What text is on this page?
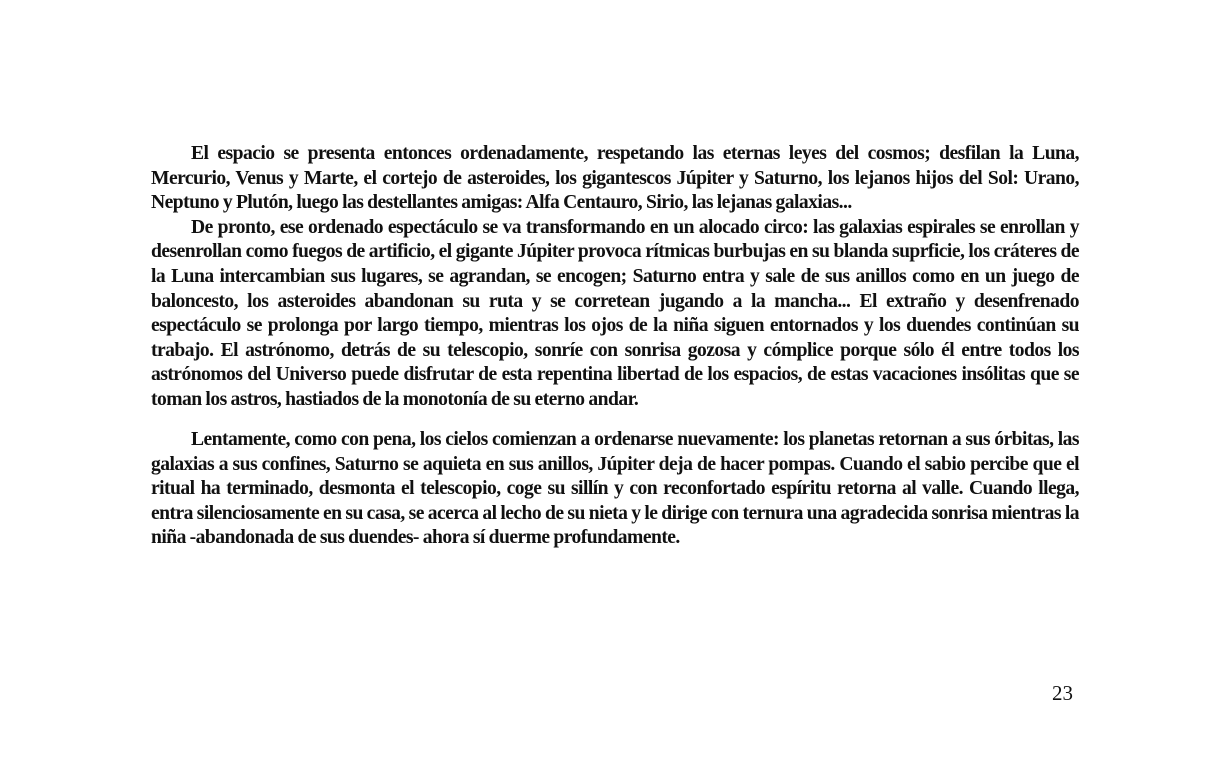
El espacio se presenta entonces ordenadamente, respetando las eternas leyes del cosmos; desfilan la Luna, Mercurio, Venus y Marte, el cortejo de asteroides, los gigantescos Júpiter y Saturno, los lejanos hijos del Sol: Urano, Neptuno y Plutón, luego las destellantes amigas: Alfa Centauro, Sirio, las lejanas galaxias...

De pronto, ese ordenado espectáculo se va transformando en un alocado circo: las galaxias espirales se enrollan y desenrollan como fuegos de artificio, el gigante Júpiter provoca rítmicas burbujas en su blanda suprficie, los cráteres de la Luna intercambian sus lugares, se agrandan, se encogen; Saturno entra y sale de sus anillos como en un juego de baloncesto, los asteroides abandonan su ruta y se corretean jugando a la mancha... El extraño y desenfrenado espectáculo se prolonga por largo tiempo, mientras los ojos de la niña siguen entornados y los duendes continúan su trabajo. El astrónomo, detrás de su telescopio, sonríe con sonrisa gozosa y cómplice porque sólo él entre todos los astrónomos del Universo puede disfrutar de esta repentina libertad de los espacios, de estas vacaciones insólitas que se toman los astros, hastiados de la monotonía de su eterno andar.

Lentamente, como con pena, los cielos comienzan a ordenarse nuevamente: los planetas retornan a sus órbitas, las galaxias a sus confines, Saturno se aquieta en sus anillos, Júpiter deja de hacer pompas. Cuando el sabio percibe que el ritual ha terminado, desmonta el telescopio, coge su sillín y con reconfortado espíritu retorna al valle. Cuando llega, entra silenciosamente en su casa, se acerca al lecho de su nieta y le dirige con ternura una agradecida sonrisa mientras la niña -abandonada de sus duendes- ahora sí duerme profundamente.

23
